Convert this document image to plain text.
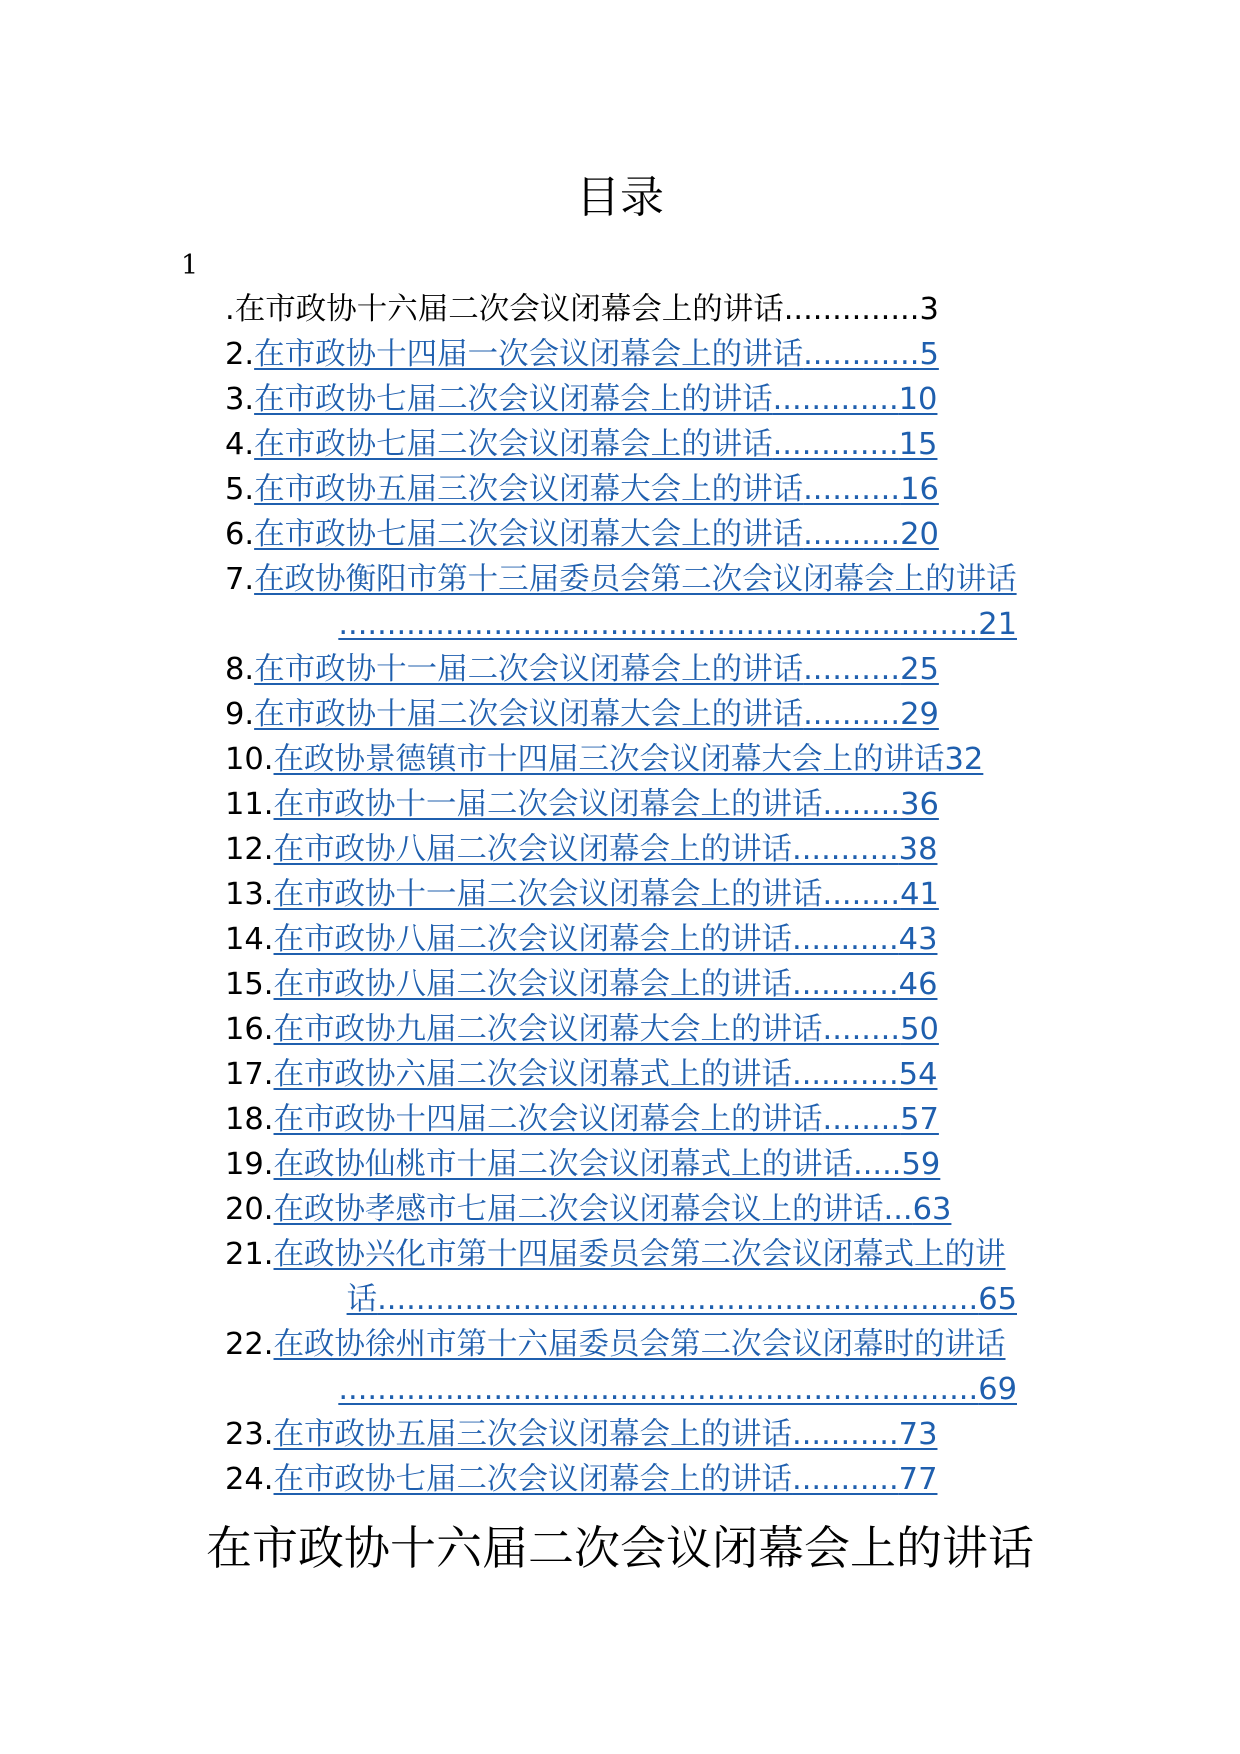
目录
1
.在市政协十六届二次会议闭幕会上的讲话..............3
2.在市政协十四届一次会议闭幕会上的讲话............5
3.在市政协七届二次会议闭幕会上的讲话.............10
4.在市政协七届二次会议闭幕会上的讲话.............15
5.在市政协五届三次会议闭幕大会上的讲话..........16
6.在市政协七届二次会议闭幕大会上的讲话..........20
7.在政协衡阳市第十三届委员会第二次会议闭幕会上的讲话
..................................................................21
8.在市政协十一届二次会议闭幕会上的讲话..........25
9.在市政协十届二次会议闭幕大会上的讲话..........29
10.在政协景德镇市十四届三次会议闭幕大会上的讲话32
11.在市政协十一届二次会议闭幕会上的讲话........36
12.在市政协八届二次会议闭幕会上的讲话...........38
13.在市政协十一届二次会议闭幕会上的讲话........41
14.在市政协八届二次会议闭幕会上的讲话...........43
15.在市政协八届二次会议闭幕会上的讲话...........46
16.在市政协九届二次会议闭幕大会上的讲话........50
17.在市政协六届二次会议闭幕式上的讲话...........54
18.在市政协十四届二次会议闭幕会上的讲话........57
19.在政协仙桃市十届二次会议闭幕式上的讲话.....59
20.在政协孝感市七届二次会议闭幕会议上的讲话...63
21.在政协兴化市第十四届委员会第二次会议闭幕式上的讲
话..............................................................65
22.在政协徐州市第十六届委员会第二次会议闭幕时的讲话
..................................................................69
23.在市政协五届三次会议闭幕会上的讲话...........73
24.在市政协七届二次会议闭幕会上的讲话...........77
在市政协十六届二次会议闭幕会上的讲话
